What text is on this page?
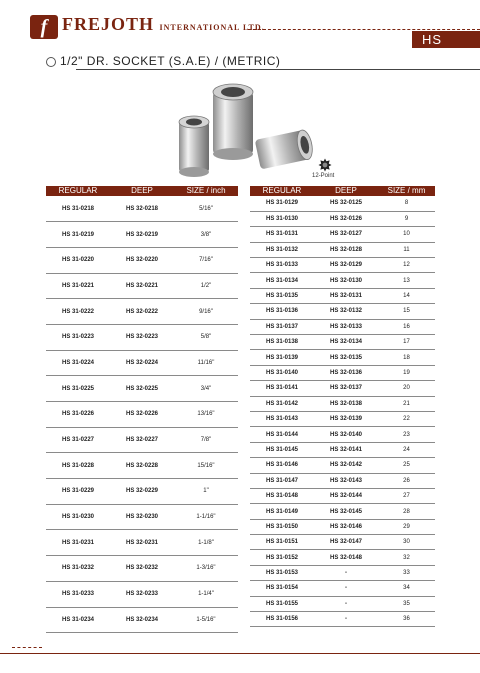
f FREJOTH INTERNATIONAL LTD.
HS
1/2" DR. SOCKET (S.A.E) / (METRIC)
12-Point
REGULAR	DEEP	SIZE / inch
HS 31-0218	HS 32-0218	5/16"
HS 31-0219	HS 32-0219	3/8"
HS 31-0220	HS 32-0220	7/16"
HS 31-0221	HS 32-0221	1/2"
HS 31-0222	HS 32-0222	9/16"
HS 31-0223	HS 32-0223	5/8"
HS 31-0224	HS 32-0224	11/16"
HS 31-0225	HS 32-0225	3/4"
HS 31-0226	HS 32-0226	13/16"
HS 31-0227	HS 32-0227	7/8"
HS 31-0228	HS 32-0228	15/16"
HS 31-0229	HS 32-0229	1"
HS 31-0230	HS 32-0230	1-1/16"
HS 31-0231	HS 32-0231	1-1/8"
HS 31-0232	HS 32-0232	1-3/16"
HS 31-0233	HS 32-0233	1-1/4"
HS 31-0234	HS 32-0234	1-5/16"
REGULAR	DEEP	SIZE / mm
HS 31-0129	HS 32-0125	8
HS 31-0130	HS 32-0126	9
HS 31-0131	HS 32-0127	10
HS 31-0132	HS 32-0128	11
HS 31-0133	HS 32-0129	12
HS 31-0134	HS 32-0130	13
HS 31-0135	HS 32-0131	14
HS 31-0136	HS 32-0132	15
HS 31-0137	HS 32-0133	16
HS 31-0138	HS 32-0134	17
HS 31-0139	HS 32-0135	18
HS 31-0140	HS 32-0136	19
HS 31-0141	HS 32-0137	20
HS 31-0142	HS 32-0138	21
HS 31-0143	HS 32-0139	22
HS 31-0144	HS 32-0140	23
HS 31-0145	HS 32-0141	24
HS 31-0146	HS 32-0142	25
HS 31-0147	HS 32-0143	26
HS 31-0148	HS 32-0144	27
HS 31-0149	HS 32-0145	28
HS 31-0150	HS 32-0146	29
HS 31-0151	HS 32-0147	30
HS 31-0152	HS 32-0148	32
HS 31-0153	-	33
HS 31-0154	-	34
HS 31-0155	-	35
HS 31-0156	-	36
